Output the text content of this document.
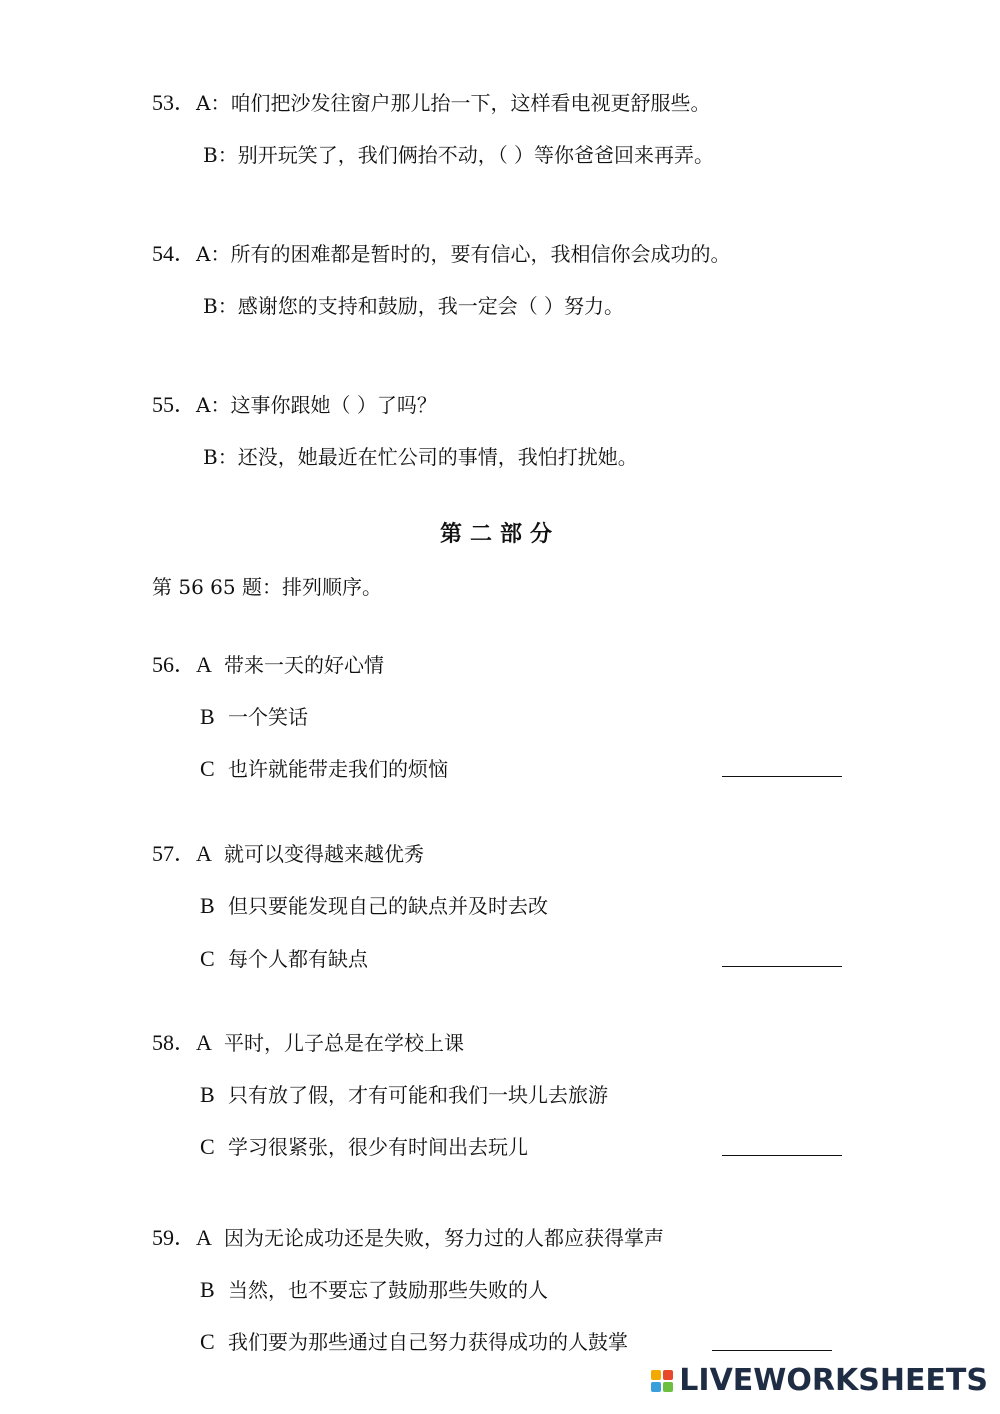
53．A：咱们把沙发往窗户那儿抬一下，这样看电视更舒服些。
B：别开玩笑了，我们俩抬不动，（ ）等你爸爸回来再弄。
54．A：所有的困难都是暂时的，要有信心，我相信你会成功的。
B：感谢您的支持和鼓励，我一定会（ ）努力。
55．A：这事你跟她（ ）了吗？
B：还没，她最近在忙公司的事情，我怕打扰她。
第二部分
第 56 65 题：排列顺序。
56．A 带来一天的好心情
B 一个笑话
C 也许就能带走我们的烦恼
57．A 就可以变得越来越优秀
B 但只要能发现自己的缺点并及时去改
C 每个人都有缺点
58．A 平时，儿子总是在学校上课
B 只有放了假，才有可能和我们一块儿去旅游
C 学习很紧张，很少有时间出去玩儿
59．A 因为无论成功还是失败，努力过的人都应获得掌声
B 当然，也不要忘了鼓励那些失败的人
C 我们要为那些通过自己努力获得成功的人鼓掌
LIVEWORKSHEETS
